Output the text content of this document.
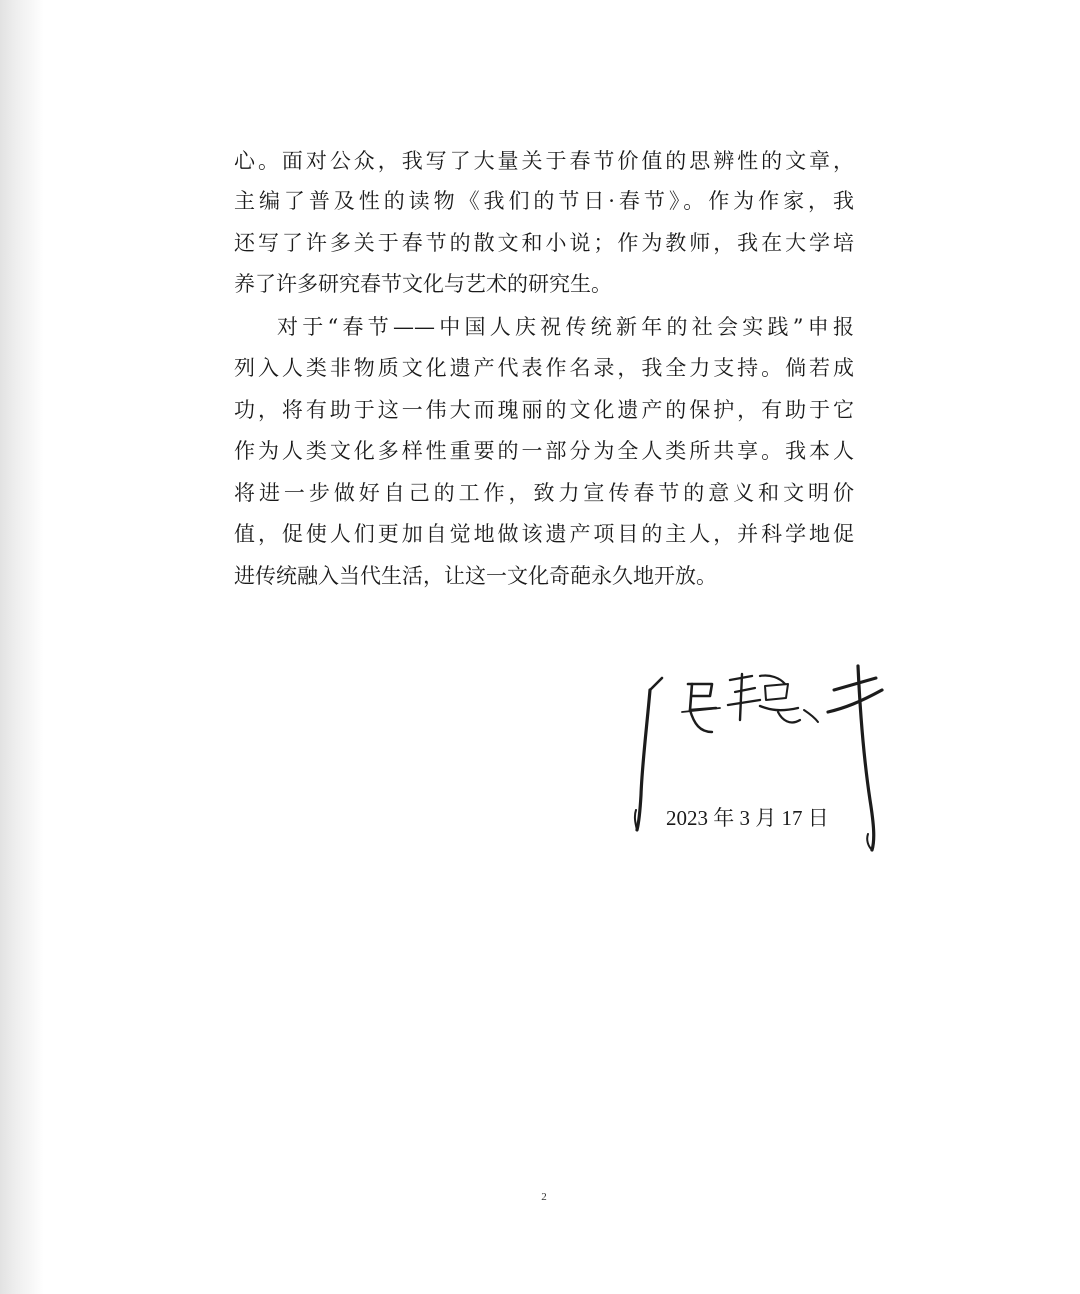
心。面对公众，我写了大量关于春节价值的思辨性的文章，
主编了普及性的读物《我们的节日·春节》。作为作家，我
还写了许多关于春节的散文和小说；作为教师，我在大学培
养了许多研究春节文化与艺术的研究生。
对于“春节——中国人庆祝传统新年的社会实践”申报
列入人类非物质文化遗产代表作名录，我全力支持。倘若成
功，将有助于这一伟大而瑰丽的文化遗产的保护，有助于它
作为人类文化多样性重要的一部分为全人类所共享。我本人
将进一步做好自己的工作，致力宣传春节的意义和文明价
值，促使人们更加自觉地做该遗产项目的主人，并科学地促
进传统融入当代生活，让这一文化奇葩永久地开放。
冯骥才
2023 年 3 月 17 日
2
